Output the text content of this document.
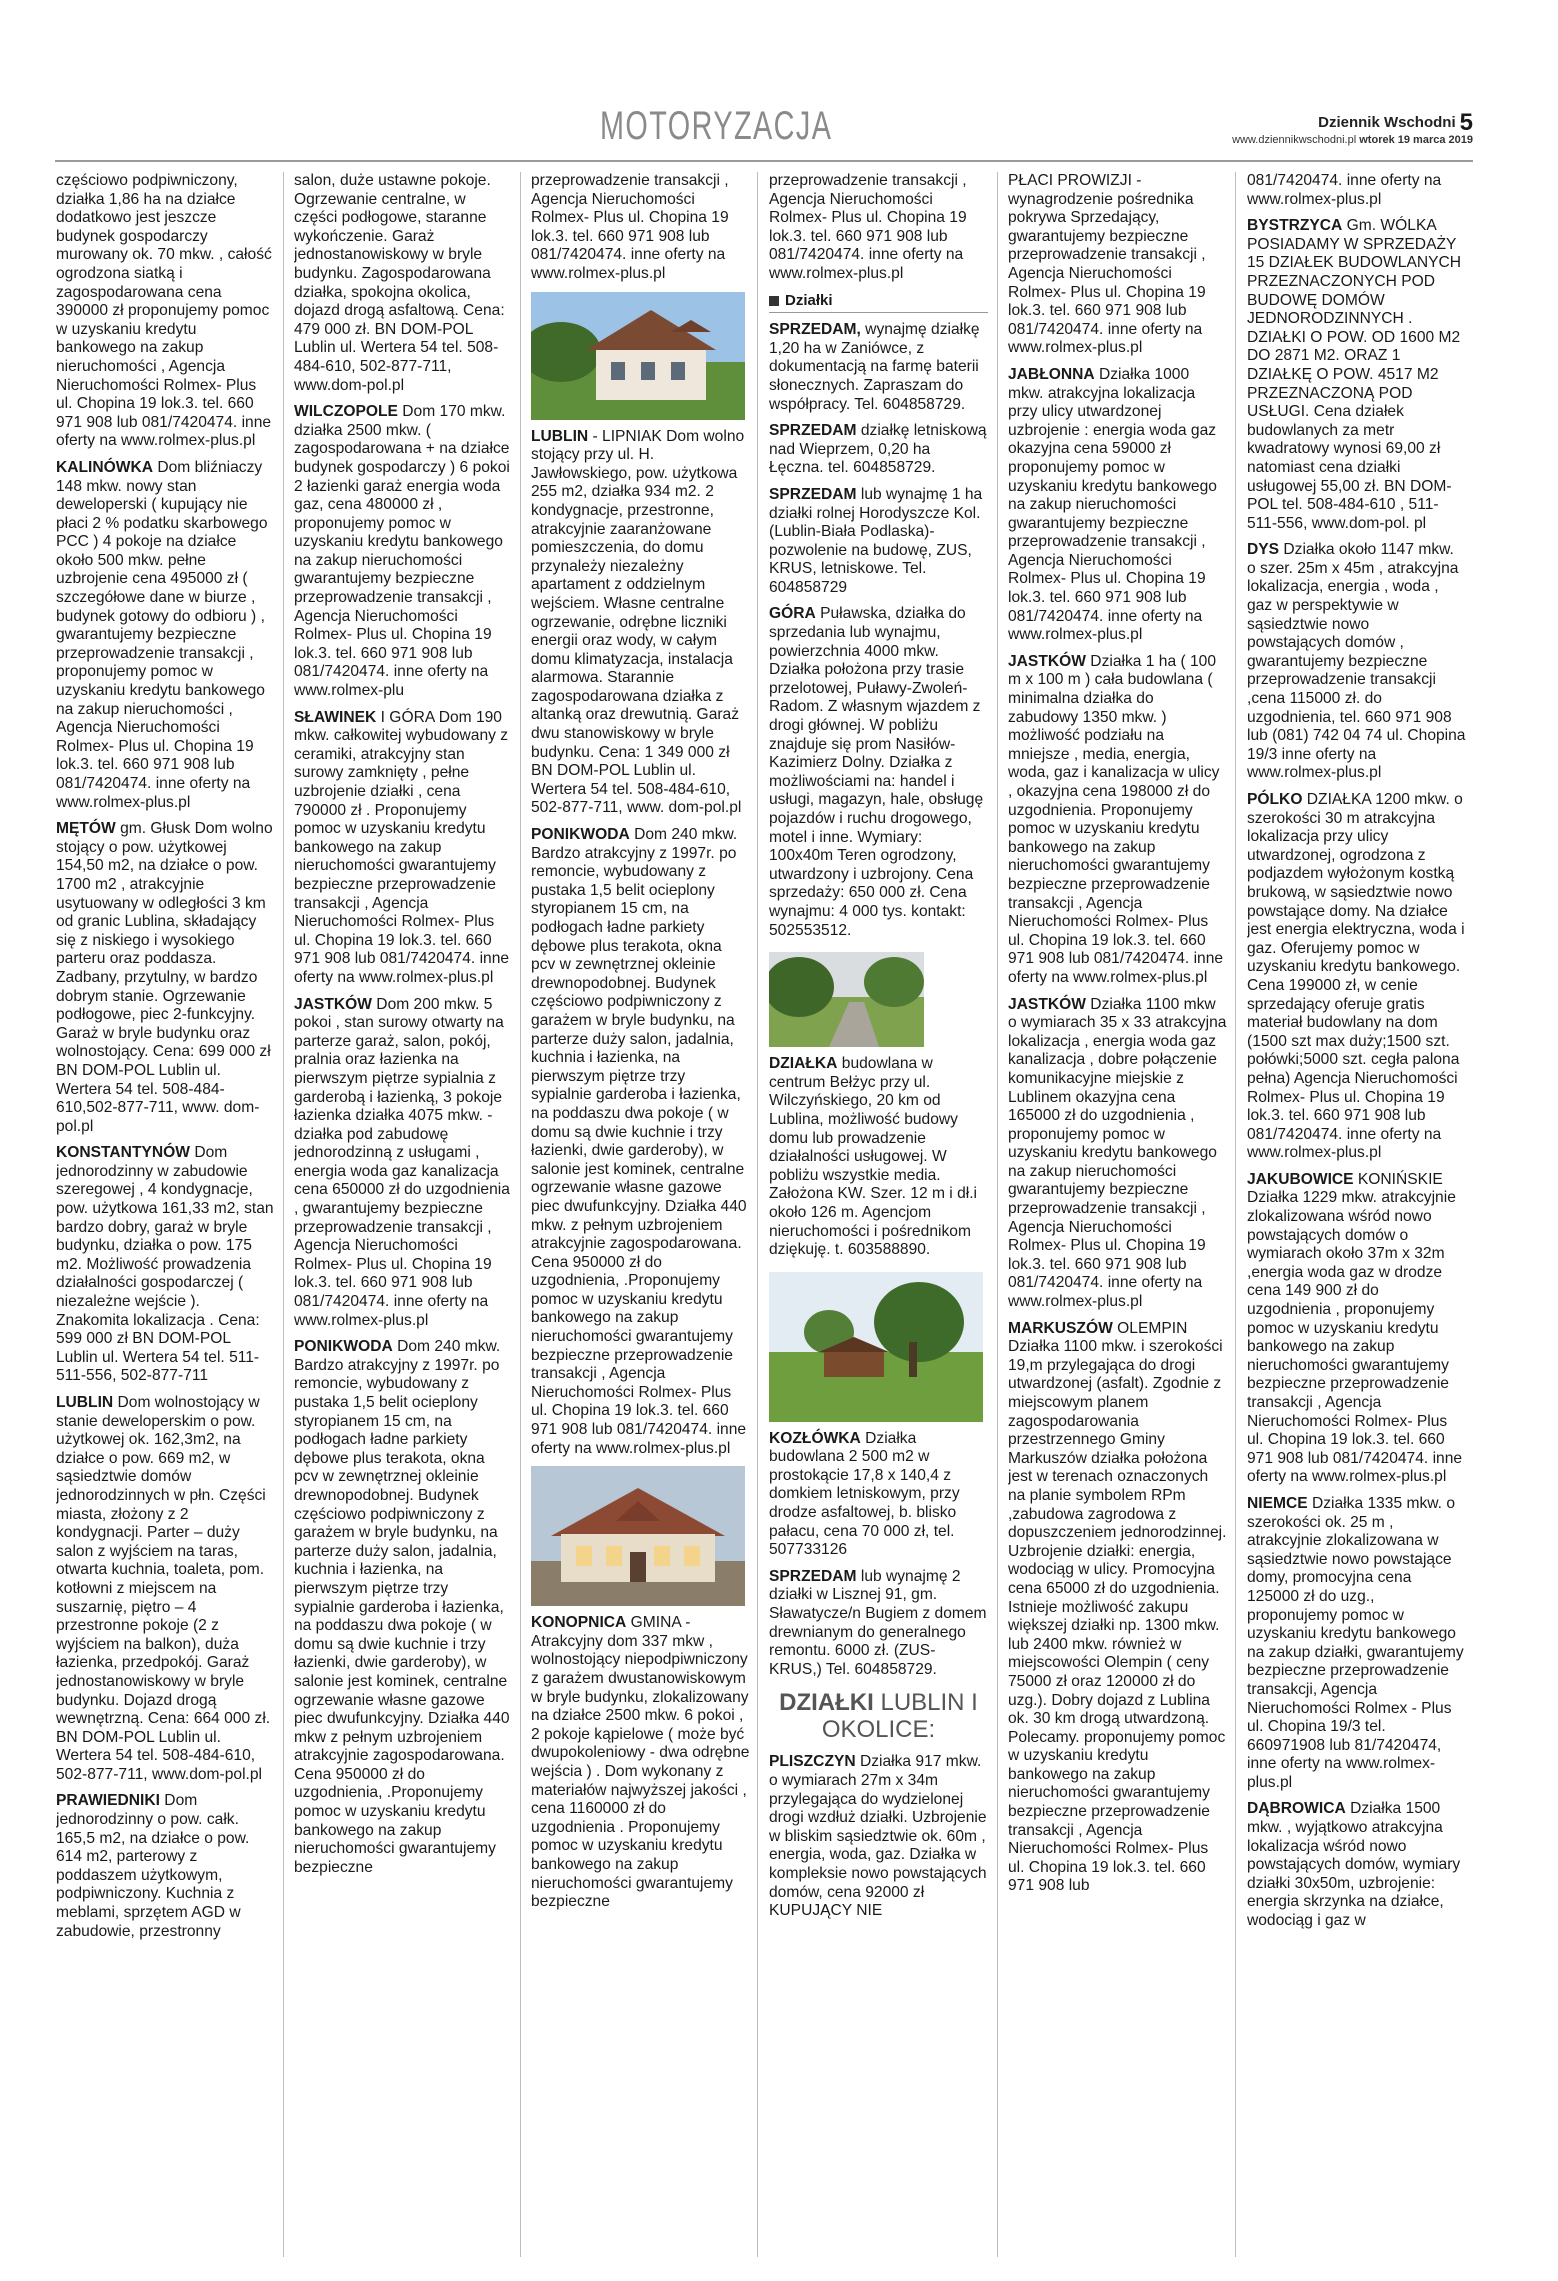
MOTORYZACJA	Dziennik Wschodni 5
www.dziennikwschodni.pl wtorek 19 marca 2019

częściowo podpiwniczony, działka 1,86 ha na działce dodatkowo jest jeszcze budynek gospodarczy murowany ok. 70 mkw. , całość ogrodzona siatką i zagospodarowana cena 390000 zł proponujemy pomoc w uzyskaniu kredytu bankowego na zakup nieruchomości , Agencja Nieruchomości Rolmex- Plus ul. Chopina 19 lok.3. tel. 660 971 908 lub 081/7420474. inne oferty na www.rolmex-plus.pl

KALINÓWKA Dom bliźniaczy 148 mkw. nowy stan deweloperski ( kupujący nie płaci 2 % podatku skarbowego PCC ) 4 pokoje na działce około 500 mkw. pełne uzbrojenie cena 495000 zł ( szczegółowe dane w biurze , budynek gotowy do odbioru ) , gwarantujemy bezpieczne przeprowadzenie transakcji , proponujemy pomoc w uzyskaniu kredytu bankowego na zakup nieruchomości , Agencja Nieruchomości Rolmex- Plus ul. Chopina 19 lok.3. tel. 660 971 908 lub 081/7420474. inne oferty na www.rolmex-plus.pl

MĘTÓW gm. Głusk Dom wolno stojący o pow. użytkowej 154,50 m2, na działce o pow. 1700 m2 , atrakcyjnie usytuowany w odległości 3 km od granic Lublina, składający się z niskiego i wysokiego parteru oraz poddasza. Zadbany, przytulny, w bardzo dobrym stanie. Ogrzewanie podłogowe, piec 2-funkcyjny. Garaż w bryle budynku oraz wolnostojący. Cena: 699 000 zł BN DOM-POL Lublin ul. Wertera 54 tel. 508-484-610,502-877-711, www. dom-pol.pl

KONSTANTYNÓW Dom jednorodzinny w zabudowie szeregowej , 4 kondygnacje, pow. użytkowa 161,33 m2, stan bardzo dobry, garaż w bryle budynku, działka o pow. 175 m2. Możliwość prowadzenia działalności gospodarczej ( niezależne wejście ). Znakomita lokalizacja . Cena: 599 000 zł BN DOM-POL Lublin ul. Wertera 54 tel. 511-511-556, 502-877-711

LUBLIN Dom wolnostojący w stanie deweloperskim o pow. użytkowej ok. 162,3m2, na działce o pow. 669 m2, w sąsiedztwie domów jednorodzinnych w płn. Części miasta, złożony z 2 kondygnacji. Parter – duży salon z wyjściem na taras, otwarta kuchnia, toaleta, pom. kotłowni z miejscem na suszarnię, piętro – 4 przestronne pokoje (2 z wyjściem na balkon), duża łazienka, przedpokój. Garaż jednostanowiskowy w bryle budynku. Dojazd drogą wewnętrzną. Cena: 664 000 zł. BN DOM-POL Lublin ul. Wertera 54 tel. 508-484-610, 502-877-711, www.dom-pol.pl

PRAWIEDNIKI Dom jednorodzinny o pow. całk. 165,5 m2, na działce o pow. 614 m2, parterowy z poddaszem użytkowym, podpiwniczony. Kuchnia z meblami, sprzętem AGD w zabudowie, przestronny

salon, duże ustawne pokoje. Ogrzewanie centralne, w części podłogowe, staranne wykończenie. Garaż jednostanowiskowy w bryle budynku. Zagospodarowana działka, spokojna okolica, dojazd drogą asfaltową. Cena: 479 000 zł. BN DOM-POL Lublin ul. Wertera 54 tel. 508-484-610, 502-877-711, www.dom-pol.pl

WILCZOPOLE Dom 170 mkw. działka 2500 mkw. ( zagospodarowana + na działce budynek gospodarczy ) 6 pokoi 2 łazienki garaż energia woda gaz, cena 480000 zł , proponujemy pomoc w uzyskaniu kredytu bankowego na zakup nieruchomości gwarantujemy bezpieczne przeprowadzenie transakcji , Agencja Nieruchomości Rolmex- Plus ul. Chopina 19 lok.3. tel. 660 971 908 lub 081/7420474. inne oferty na www.rolmex-plu

SŁAWINEK I GÓRA Dom 190 mkw. całkowitej wybudowany z ceramiki, atrakcyjny stan surowy zamknięty , pełne uzbrojenie działki , cena 790000 zł . Proponujemy pomoc w uzyskaniu kredytu bankowego na zakup nieruchomości gwarantujemy bezpieczne przeprowadzenie transakcji , Agencja Nieruchomości Rolmex- Plus ul. Chopina 19 lok.3. tel. 660 971 908 lub 081/7420474. inne oferty na www.rolmex-plus.pl

JASTKÓW Dom 200 mkw. 5 pokoi , stan surowy otwarty na parterze garaż, salon, pokój, pralnia oraz łazienka na pierwszym piętrze sypialnia z garderobą i łazienką, 3 pokoje łazienka działka 4075 mkw. - działka pod zabudowę jednorodzinną z usługami , energia woda gaz kanalizacja cena 650000 zł do uzgodnienia , gwarantujemy bezpieczne przeprowadzenie transakcji , Agencja Nieruchomości Rolmex- Plus ul. Chopina 19 lok.3. tel. 660 971 908 lub 081/7420474. inne oferty na www.rolmex-plus.pl

PONIKWODA Dom 240 mkw. Bardzo atrakcyjny z 1997r. po remoncie, wybudowany z pustaka 1,5 belit ocieplony styropianem 15 cm, na podłogach ładne parkiety dębowe plus terakota, okna pcv w zewnętrznej okleinie drewnopodobnej. Budynek częściowo podpiwniczony z garażem w bryle budynku, na parterze duży salon, jadalnia, kuchnia i łazienka, na pierwszym piętrze trzy sypialnie garderoba i łazienka, na poddaszu dwa pokoje ( w domu są dwie kuchnie i trzy łazienki, dwie garderoby), w salonie jest kominek, centralne ogrzewanie własne gazowe piec dwufunkcyjny. Działka 440 mkw z pełnym uzbrojeniem atrakcyjnie zagospodarowana. Cena 950000 zł do uzgodnienia, .Proponujemy pomoc w uzyskaniu kredytu bankowego na zakup nieruchomości gwarantujemy bezpieczne

przeprowadzenie transakcji , Agencja Nieruchomości Rolmex- Plus ul. Chopina 19 lok.3. tel. 660 971 908 lub 081/7420474. inne oferty na www.rolmex-plus.pl

LUBLIN - LIPNIAK Dom wolno stojący przy ul. H. Jawłowskiego, pow. użytkowa 255 m2, działka 934 m2. 2 kondygnacje, przestronne, atrakcyjnie zaaranżowane pomieszczenia, do domu przynależy niezależny apartament z oddzielnym wejściem. Własne centralne ogrzewanie, odrębne liczniki energii oraz wody, w całym domu klimatyzacja, instalacja alarmowa. Starannie zagospodarowana działka z altanką oraz drewutnią. Garaż dwu stanowiskowy w bryle budynku. Cena: 1 349 000 zł BN DOM-POL Lublin ul. Wertera 54 tel. 508-484-610, 502-877-711, www. dom-pol.pl

PONIKWODA Dom 240 mkw. Bardzo atrakcyjny z 1997r. po remoncie, wybudowany z pustaka 1,5 belit ocieplony styropianem 15 cm, na podłogach ładne parkiety dębowe plus terakota, okna pcv w zewnętrznej okleinie drewnopodobnej. Budynek częściowo podpiwniczony z garażem w bryle budynku, na parterze duży salon, jadalnia, kuchnia i łazienka, na pierwszym piętrze trzy sypialnie garderoba i łazienka, na poddaszu dwa pokoje ( w domu są dwie kuchnie i trzy łazienki, dwie garderoby), w salonie jest kominek, centralne ogrzewanie własne gazowe piec dwufunkcyjny. Działka 440 mkw. z pełnym uzbrojeniem atrakcyjnie zagospodarowana. Cena 950000 zł do uzgodnienia, .Proponujemy pomoc w uzyskaniu kredytu bankowego na zakup nieruchomości gwarantujemy bezpieczne przeprowadzenie transakcji , Agencja Nieruchomości Rolmex- Plus ul. Chopina 19 lok.3. tel. 660 971 908 lub 081/7420474. inne oferty na www.rolmex-plus.pl

KONOPNICA GMINA - Atrakcyjny dom 337 mkw , wolnostojący niepodpiwniczony z garażem dwustanowiskowym w bryle budynku, zlokalizowany na działce 2500 mkw. 6 pokoi , 2 pokoje kąpielowe ( może być dwupokoleniowy - dwa odrębne wejścia ) . Dom wykonany z materiałów najwyższej jakości , cena 1160000 zł do uzgodnienia . Proponujemy pomoc w uzyskaniu kredytu bankowego na zakup nieruchomości gwarantujemy bezpieczne

przeprowadzenie transakcji , Agencja Nieruchomości Rolmex- Plus ul. Chopina 19 lok.3. tel. 660 971 908 lub 081/7420474. inne oferty na www.rolmex-plus.pl

Działki

SPRZEDAM, wynajmę działkę 1,20 ha w Zaniówce, z dokumentacją na farmę baterii słonecznych. Zapraszam do współpracy. Tel. 604858729.

SPRZEDAM działkę letniskową nad Wieprzem, 0,20 ha Łęczna. tel. 604858729.

SPRZEDAM lub wynajmę 1 ha działki rolnej Horodyszcze Kol. (Lublin-Biała Podlaska)-pozwolenie na budowę, ZUS, KRUS, letniskowe. Tel. 604858729

GÓRA Puławska, działka do sprzedania lub wynajmu, powierzchnia 4000 mkw. Działka położona przy trasie przelotowej, Puławy-Zwoleń-Radom. Z własnym wjazdem z drogi głównej. W pobliżu znajduje się prom Nasiłów-Kazimierz Dolny. Działka z możliwościami na: handel i usługi, magazyn, hale, obsługę pojazdów i ruchu drogowego, motel i inne. Wymiary: 100x40m Teren ogrodzony, utwardzony i uzbrojony. Cena sprzedaży: 650 000 zł. Cena wynajmu: 4 000 tys. kontakt: 502553512.

DZIAŁKA budowlana w centrum Bełżyc przy ul. Wilczyńskiego, 20 km od Lublina, możliwość budowy domu lub prowadzenie działalności usługowej. W pobliżu wszystkie media. Założona KW. Szer. 12 m i dł.i około 126 m. Agencjom nieruchomości i pośrednikom dziękuję. t. 603588890.

KOZŁÓWKA Działka budowlana 2 500 m2 w prostokącie 17,8 x 140,4 z domkiem letniskowym, przy drodze asfaltowej, b. blisko pałacu, cena 70 000 zł, tel. 507733126

SPRZEDAM lub wynajmę 2 działki w Lisznej 91, gm. Sławatycze/n Bugiem z domem drewnianym do generalnego remontu. 6000 zł. (ZUS-KRUS,) Tel. 604858729.

DZIAŁKI LUBLIN I OKOLICE:

PLISZCZYN Działka 917 mkw. o wymiarach 27m x 34m przylegająca do wydzielonej drogi wzdłuż działki. Uzbrojenie w bliskim sąsiedztwie ok. 60m , energia, woda, gaz. Działka w kompleksie nowo powstających domów, cena 92000 zł KUPUJĄCY NIE

PŁACI PROWIZJI -wynagrodzenie pośrednika pokrywa Sprzedający, gwarantujemy bezpieczne przeprowadzenie transakcji , Agencja Nieruchomości Rolmex- Plus ul. Chopina 19 lok.3. tel. 660 971 908 lub 081/7420474. inne oferty na www.rolmex-plus.pl

JABŁONNA Działka 1000 mkw. atrakcyjna lokalizacja przy ulicy utwardzonej uzbrojenie : energia woda gaz okazyjna cena 59000 zł proponujemy pomoc w uzyskaniu kredytu bankowego na zakup nieruchomości gwarantujemy bezpieczne przeprowadzenie transakcji , Agencja Nieruchomości Rolmex- Plus ul. Chopina 19 lok.3. tel. 660 971 908 lub 081/7420474. inne oferty na www.rolmex-plus.pl

JASTKÓW Działka 1 ha ( 100 m x 100 m ) cała budowlana ( minimalna działka do zabudowy 1350 mkw. ) możliwość podziału na mniejsze , media, energia, woda, gaz i kanalizacja w ulicy , okazyjna cena 198000 zł do uzgodnienia. Proponujemy pomoc w uzyskaniu kredytu bankowego na zakup nieruchomości gwarantujemy bezpieczne przeprowadzenie transakcji , Agencja Nieruchomości Rolmex- Plus ul. Chopina 19 lok.3. tel. 660 971 908 lub 081/7420474. inne oferty na www.rolmex-plus.pl

JASTKÓW Działka 1100 mkw o wymiarach 35 x 33 atrakcyjna lokalizacja , energia woda gaz kanalizacja , dobre połączenie komunikacyjne miejskie z Lublinem okazyjna cena 165000 zł do uzgodnienia , proponujemy pomoc w uzyskaniu kredytu bankowego na zakup nieruchomości gwarantujemy bezpieczne przeprowadzenie transakcji , Agencja Nieruchomości Rolmex- Plus ul. Chopina 19 lok.3. tel. 660 971 908 lub 081/7420474. inne oferty na www.rolmex-plus.pl

MARKUSZÓW OLEMPIN Działka 1100 mkw. i szerokości 19,m przylegająca do drogi utwardzonej (asfalt). Zgodnie z miejscowym planem zagospodarowania przestrzennego Gminy Markuszów działka położona jest w terenach oznaczonych na planie symbolem RPm ,zabudowa zagrodowa z dopuszczeniem jednorodzinnej. Uzbrojenie działki: energia, wodociąg w ulicy. Promocyjna cena 65000 zł do uzgodnienia. Istnieje możliwość zakupu większej działki np. 1300 mkw. lub 2400 mkw. również w miejscowości Olempin ( ceny 75000 zł oraz 120000 zł do uzg.). Dobry dojazd z Lublina ok. 30 km drogą utwardzoną. Polecamy. proponujemy pomoc w uzyskaniu kredytu bankowego na zakup nieruchomości gwarantujemy bezpieczne przeprowadzenie transakcji , Agencja Nieruchomości Rolmex- Plus ul. Chopina 19 lok.3. tel. 660 971 908 lub

081/7420474. inne oferty na www.rolmex-plus.pl

BYSTRZYCA Gm. WÓLKA POSIADAMY W SPRZEDAŻY 15 DZIAŁEK BUDOWLANYCH PRZEZNACZONYCH POD BUDOWĘ DOMÓW JEDNORODZINNYCH . DZIAŁKI O POW. OD 1600 M2 DO 2871 M2. ORAZ 1 DZIAŁKĘ O POW. 4517 M2 PRZEZNACZONĄ POD USŁUGI. Cena działek budowlanych za metr kwadratowy wynosi 69,00 zł natomiast cena działki usługowej 55,00 zł. BN DOM-POL tel. 508-484-610 , 511-511-556, www.dom-pol. pl

DYS Działka około 1147 mkw. o szer. 25m x 45m , atrakcyjna lokalizacja, energia , woda , gaz w perspektywie w sąsiedztwie nowo powstających domów , gwarantujemy bezpieczne przeprowadzenie transakcji ,cena 115000 zł. do uzgodnienia, tel. 660 971 908 lub (081) 742 04 74 ul. Chopina 19/3 inne oferty na www.rolmex-plus.pl

PÓLKO DZIAŁKA 1200 mkw. o szerokości 30 m atrakcyjna lokalizacja przy ulicy utwardzonej, ogrodzona z podjazdem wyłożonym kostką brukową, w sąsiedztwie nowo powstające domy. Na działce jest energia elektryczna, woda i gaz. Oferujemy pomoc w uzyskaniu kredytu bankowego. Cena 199000 zł, w cenie sprzedający oferuje gratis materiał budowlany na dom (1500 szt max duży;1500 szt. połówki;5000 szt. cegła palona pełna) Agencja Nieruchomości Rolmex- Plus ul. Chopina 19 lok.3. tel. 660 971 908 lub 081/7420474. inne oferty na www.rolmex-plus.pl

JAKUBOWICE KONIŃSKIE Działka 1229 mkw. atrakcyjnie zlokalizowana wśród nowo powstających domów o wymiarach około 37m x 32m ,energia woda gaz w drodze cena 149 900 zł do uzgodnienia , proponujemy pomoc w uzyskaniu kredytu bankowego na zakup nieruchomości gwarantujemy bezpieczne przeprowadzenie transakcji , Agencja Nieruchomości Rolmex- Plus ul. Chopina 19 lok.3. tel. 660 971 908 lub 081/7420474. inne oferty na www.rolmex-plus.pl

NIEMCE Działka 1335 mkw. o szerokości ok. 25 m , atrakcyjnie zlokalizowana w sąsiedztwie nowo powstające domy, promocyjna cena 125000 zł do uzg., proponujemy pomoc w uzyskaniu kredytu bankowego na zakup działki, gwarantujemy bezpieczne przeprowadzenie transakcji, Agencja Nieruchomości Rolmex - Plus ul. Chopina 19/3 tel. 660971908 lub 81/7420474, inne oferty na www.rolmex-plus.pl

DĄBROWICA Działka 1500 mkw. , wyjątkowo atrakcyjna lokalizacja wśród nowo powstających domów, wymiary działki 30x50m, uzbrojenie: energia skrzynka na działce, wodociąg i gaz w
